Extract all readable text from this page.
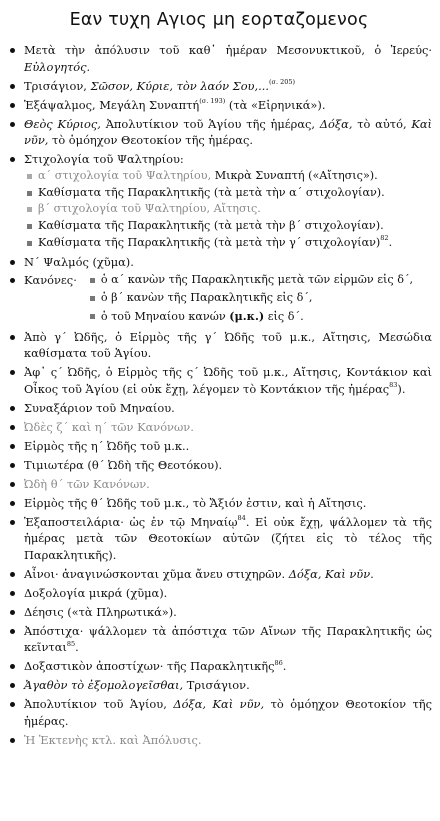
Εαν τυχη Αγιος μη εορταζομενος
Μετὰ τὴν ἀπόλυσιν τοῦ καθ᾽ ἡμέραν Μεσονυκτικοῦ, ὁ Ἱερεύς· Εὐλογητός.
Τρισάγιον, Σῶσον, Κύριε, τὸν λαόν Σου,...$^{(\sigma. 205)}$
Ἑξάψαλμος, Μεγάλη Συναπτή$^{(\sigma. 193)}$ (τὰ «Εἰρηνικά»).
Θεὸς Κύριος, Ἀπολυτίκιον τοῦ Ἁγίου τῆς ἡμέρας, Δόξα, τὸ αὐτό, Καὶ νῦν, τὸ ὁμόηχον Θεοτοκίον τῆς ἡμέρας.
Στιχολογία τοῦ Ψαλτηρίου:
α´ στιχολογία τοῦ Ψαλτηρίου, Μικρὰ Συναπτή («Αἴτησις»).
Καθίσματα τῆς Παρακλητικῆς (τὰ μετὰ τὴν α´ στιχολογίαν).
β´ στιχολογία τοῦ Ψαλτηρίου, Αἴτησις.
Καθίσματα τῆς Παρακλητικῆς (τὰ μετὰ τὴν β´ στιχολογίαν).
Καθίσματα τῆς Παρακλητικῆς (τὰ μετὰ τὴν γ´ στιχολογίαν)$^{82}$.
Ν´ Ψαλμός (χῦμα).
Κανόνες·	ὁ α´ κανὼν τῆς Παρακλητικῆς μετὰ τῶν εἱρμῶν εἰς δ´,
ὁ β´ κανὼν τῆς Παρακλητικῆς εἰς δ´,
ὁ τοῦ Μηναίου κανών (μ.κ.) εἰς δ´.
Ἀπὸ γ´ Ὠδῆς, ὁ Εἱρμὸς τῆς γ´ Ὠδῆς τοῦ μ.κ., Αἴτησις, Μεσώδια καθίσματα τοῦ Ἁγίου.
Ἀφ᾽ ς´ Ὠδῆς, ὁ Εἱρμὸς τῆς ς´ Ὠδῆς τοῦ μ.κ., Αἴτησις, Κοντάκιον καὶ Οἶκος τοῦ Ἁγίου (εἰ οὐκ ἔχῃ, λέγομεν τὸ Κοντάκιον τῆς ἡμέρας$^{83}$).
Συναξάριον τοῦ Μηναίου.
Ὠδὲς ζ´ καὶ η´ τῶν Κανόνων.
Εἱρμὸς τῆς η´ Ὠδῆς τοῦ μ.κ..
Τιμιωτέρα (θ´ Ὠδὴ τῆς Θεοτόκου).
Ὠδὴ θ´ τῶν Κανόνων.
Εἱρμὸς τῆς θ´ Ὠδῆς τοῦ μ.κ., τὸ Ἄξιόν ἐστιν, καὶ ἡ Αἴτησις.
Ἐξαποστειλάρια· ὡς ἐν τῷ Μηναίῳ$^{84}$. Εἰ οὐκ ἔχῃ, ψάλλομεν τὰ τῆς ἡμέρας μετὰ τῶν Θεοτοκίων αὐτῶν (ζήτει εἰς τὸ τέλος τῆς Παρακλητικῆς).
Αἶνοι· ἀναγινώσκονται χῦμα ἄνευ στιχηρῶν. Δόξα, Καὶ νῦν.
Δοξολογία μικρά (χῦμα).
Δέησις («τὰ Πληρωτικά»).
Ἀπόστιχα· ψάλλομεν τὰ ἀπόστιχα τῶν Αἴνων τῆς Παρακλητικῆς ὡς κεῖνται$^{85}$.
Δοξαστικὸν ἀποστίχων· τῆς Παρακλητικῆς$^{86}$.
Ἀγαθὸν τὸ ἐξομολογεῖσθαι, Τρισάγιον.
Ἀπολυτίκιον τοῦ Ἁγίου, Δόξα, Καὶ νῦν, τὸ ὁμόηχον Θεοτοκίον τῆς ἡμέρας.
Ἡ Ἐκτενὴς κτλ. καὶ Ἀπόλυσις.
